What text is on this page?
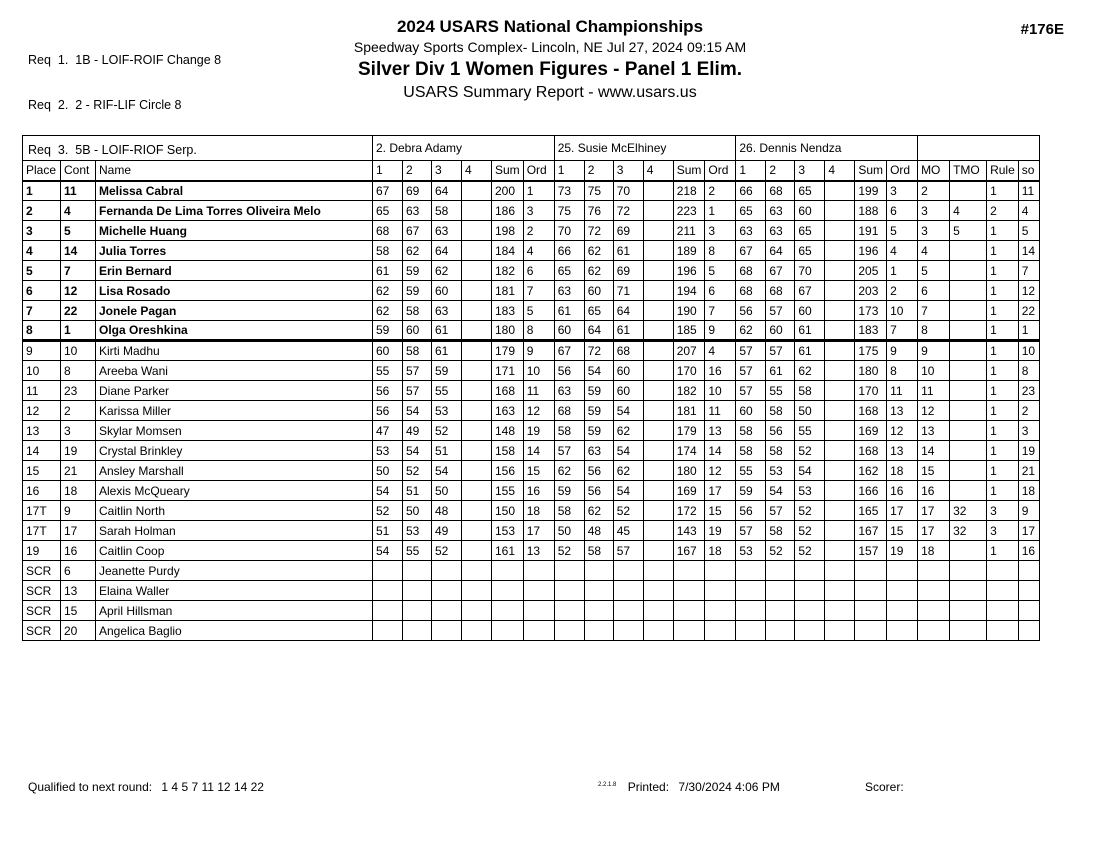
Req  1.  1B - LOIF-ROIF Change 8

Req  2.  2 - RIF-LIF Circle 8

Req  3.  5B - LOIF-RIOF Serp.

2024 USARS National Championships
Speedway Sports Complex- Lincoln, NE Jul 27, 2024 09:15 AM
Silver Div 1 Women Figures - Panel 1 Elim.
USARS Summary Report - www.usars.us
#176E
			2. Debra Adamy						25. Susie McElhiney						26. Dennis Nendza									
Place	Cont	Name	1	2	3	4	Sum	Ord	1	2	3	4	Sum	Ord	1	2	3	4	Sum	Ord	MO	TMO	Rule	so
1	11	Melissa Cabral	67	69	64		200	1	73	75	70		218	2	66	68	65		199	3	2		1	11
2	4	Fernanda De Lima Torres Oliveira Melo	65	63	58		186	3	75	76	72		223	1	65	63	60		188	6	3	4	2	4
3	5	Michelle Huang	68	67	63		198	2	70	72	69		211	3	63	63	65		191	5	3	5	1	5
4	14	Julia Torres	58	62	64		184	4	66	62	61		189	8	67	64	65		196	4	4		1	14
5	7	Erin Bernard	61	59	62		182	6	65	62	69		196	5	68	67	70		205	1	5		1	7
6	12	Lisa Rosado	62	59	60		181	7	63	60	71		194	6	68	68	67		203	2	6		1	12
7	22	Jonele Pagan	62	58	63		183	5	61	65	64		190	7	56	57	60		173	10	7		1	22
8	1	Olga Oreshkina	59	60	61		180	8	60	64	61		185	9	62	60	61		183	7	8		1	1
9	10	Kirti Madhu	60	58	61		179	9	67	72	68		207	4	57	57	61		175	9	9		1	10
10	8	Areeba Wani	55	57	59		171	10	56	54	60		170	16	57	61	62		180	8	10		1	8
11	23	Diane Parker	56	57	55		168	11	63	59	60		182	10	57	55	58		170	11	11		1	23
12	2	Karissa Miller	56	54	53		163	12	68	59	54		181	11	60	58	50		168	13	12		1	2
13	3	Skylar Momsen	47	49	52		148	19	58	59	62		179	13	58	56	55		169	12	13		1	3
14	19	Crystal Brinkley	53	54	51		158	14	57	63	54		174	14	58	58	52		168	13	14		1	19
15	21	Ansley Marshall	50	52	54		156	15	62	56	62		180	12	55	53	54		162	18	15		1	21
16	18	Alexis McQueary	54	51	50		155	16	59	56	54		169	17	59	54	53		166	16	16		1	18
17T	9	Caitlin North	52	50	48		150	18	58	62	52		172	15	56	57	52		165	17	17	32	3	9
17T	17	Sarah Holman	51	53	49		153	17	50	48	45		143	19	57	58	52		167	15	17	32	3	17
19	16	Caitlin Coop	54	55	52		161	13	52	58	57		167	18	53	52	52		157	19	18		1	16
SCR	6	Jeanette Purdy																						
SCR	13	Elaina Waller																						
SCR	15	April Hillsman																						
SCR	20	Angelica Baglio																						
Qualified to next round: 1 4 5 7 11 12 14 22	$^{2.2.1.8}$ Printed: 7/30/2024 4:06 PM	Scorer:
